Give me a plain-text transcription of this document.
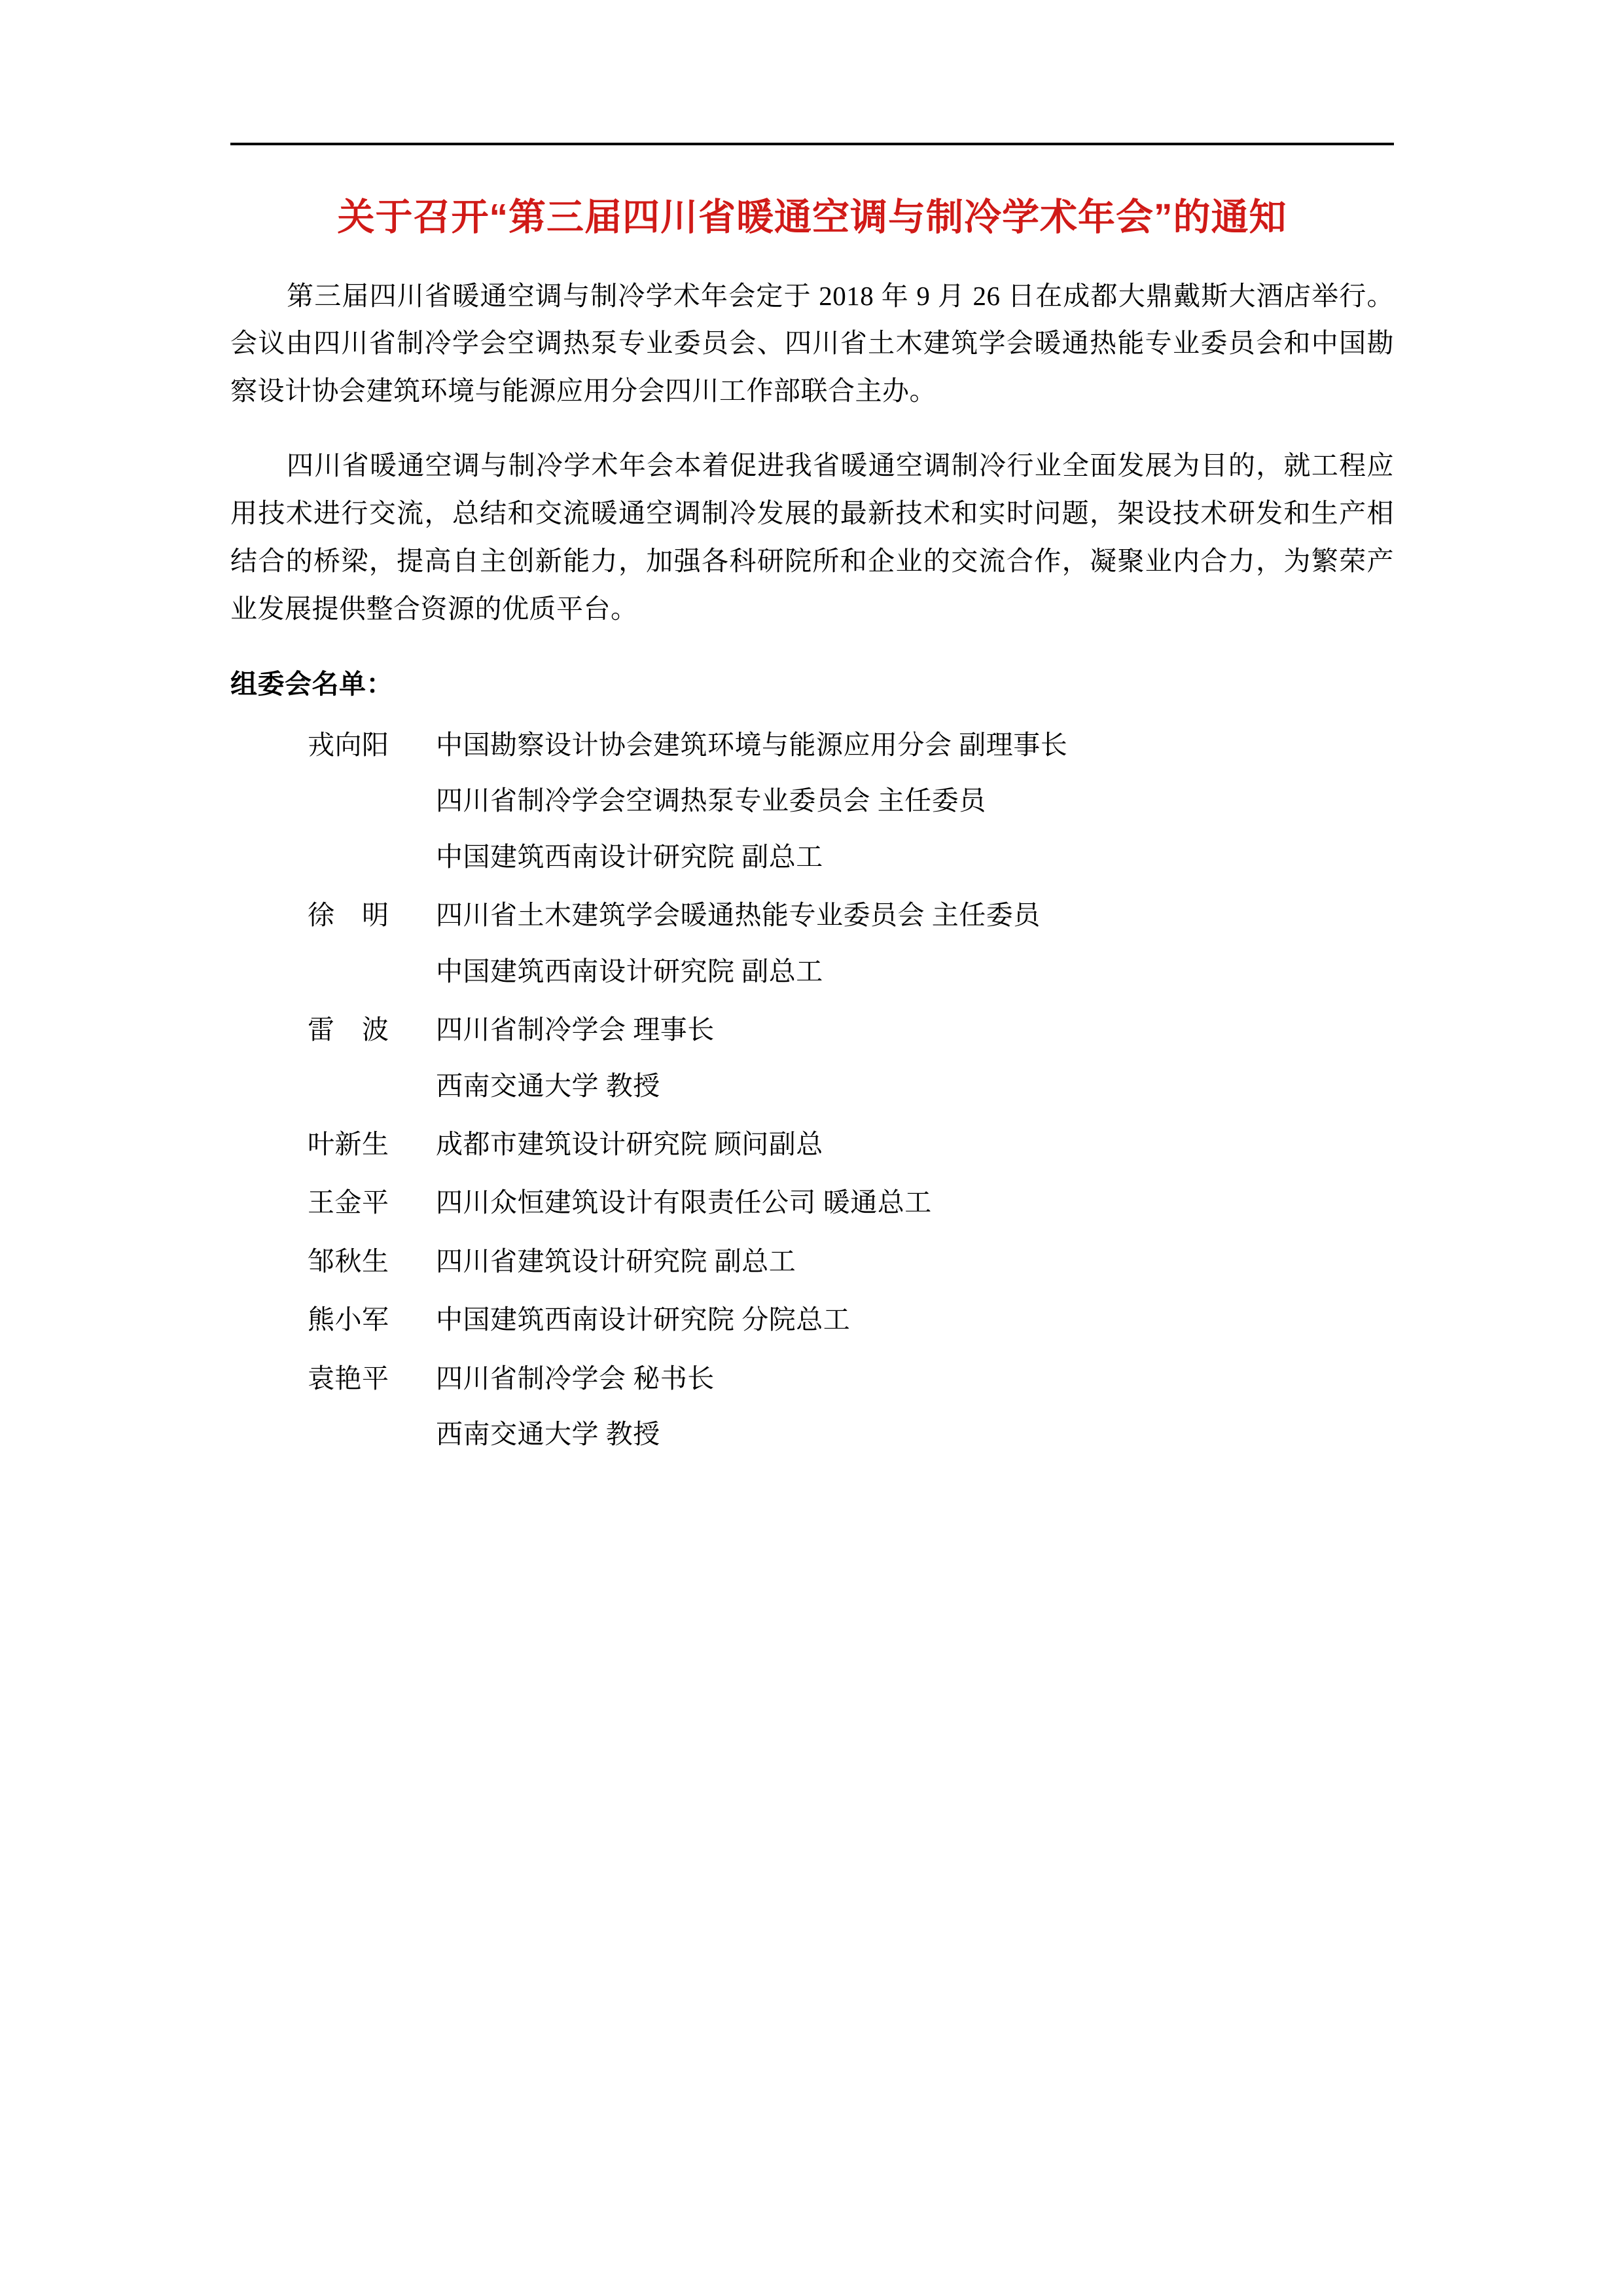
关于召开“第三届四川省暖通空调与制冷学术年会”的通知

第三届四川省暖通空调与制冷学术年会定于 2018 年 9 月 26 日在成都大鼎戴斯大酒店举行。会议由四川省制冷学会空调热泵专业委员会、四川省土木建筑学会暖通热能专业委员会和中国勘察设计协会建筑环境与能源应用分会四川工作部联合主办。

四川省暖通空调与制冷学术年会本着促进我省暖通空调制冷行业全面发展为目的，就工程应用技术进行交流，总结和交流暖通空调制冷发展的最新技术和实时问题，架设技术研发和生产相结合的桥梁，提高自主创新能力，加强各科研院所和企业的交流合作，凝聚业内合力，为繁荣产业发展提供整合资源的优质平台。

组委会名单：
戎向阳	中国勘察设计协会建筑环境与能源应用分会 副理事长
四川省制冷学会空调热泵专业委员会 主任委员
中国建筑西南设计研究院 副总工
徐　明	四川省土木建筑学会暖通热能专业委员会 主任委员
中国建筑西南设计研究院 副总工
雷　波	四川省制冷学会 理事长
西南交通大学 教授
叶新生	成都市建筑设计研究院 顾问副总
王金平	四川众恒建筑设计有限责任公司 暖通总工
邹秋生	四川省建筑设计研究院 副总工
熊小军	中国建筑西南设计研究院 分院总工
袁艳平	四川省制冷学会 秘书长
西南交通大学 教授
